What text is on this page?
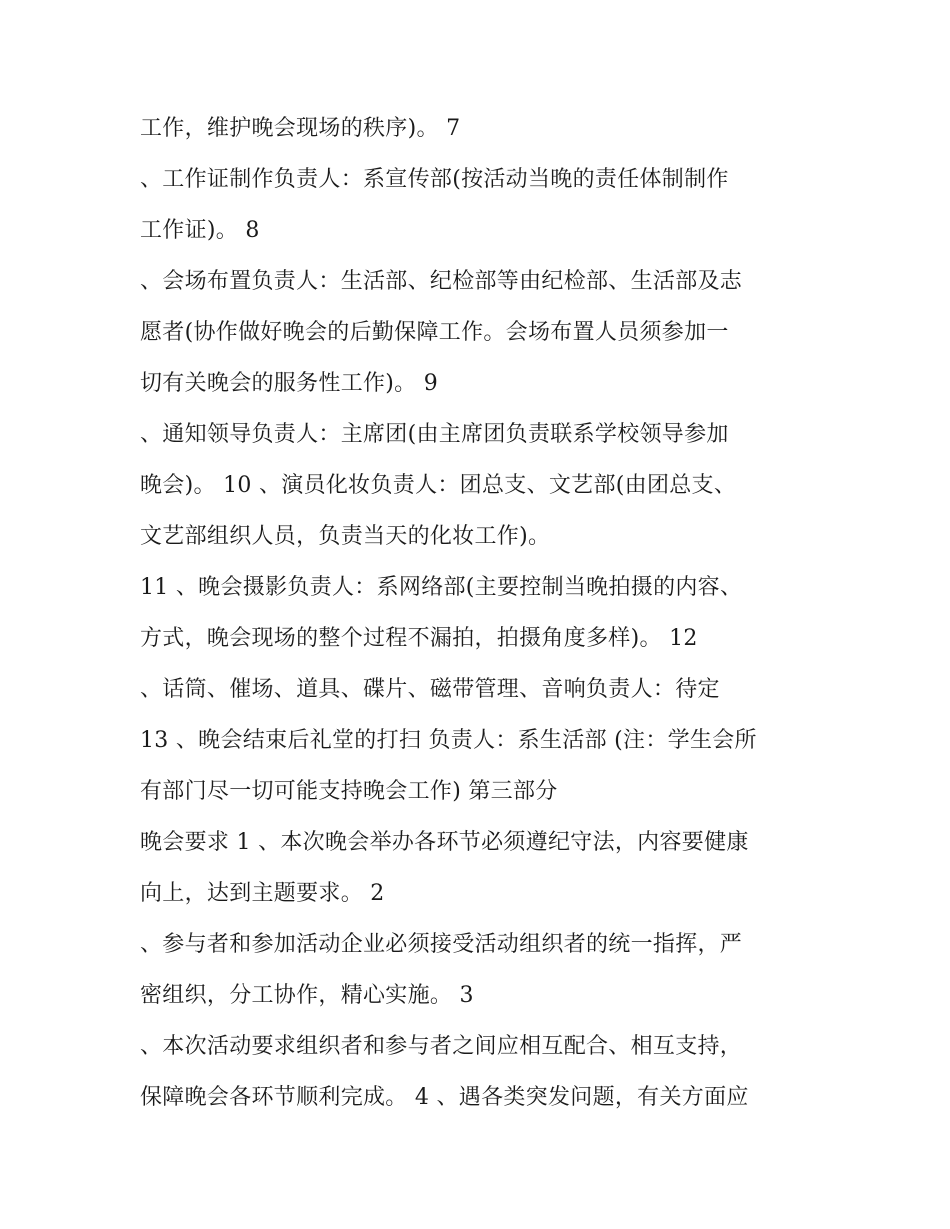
工作，维护晚会现场的秩序)。 7
、工作证制作负责人：系宣传部(按活动当晚的责任体制制作
工作证)。 8
、会场布置负责人：生活部、纪检部等由纪检部、生活部及志
愿者(协作做好晚会的后勤保障工作。会场布置人员须参加一
切有关晚会的服务性工作)。 9
、通知领导负责人：主席团(由主席团负责联系学校领导参加
晚会)。 10 、演员化妆负责人：团总支、文艺部(由团总支、
文艺部组织人员，负责当天的化妆工作)。
11 、晚会摄影负责人：系网络部(主要控制当晚拍摄的内容、
方式，晚会现场的整个过程不漏拍，拍摄角度多样)。 12
、话筒、催场、道具、碟片、磁带管理、音响负责人：待定
13 、晚会结束后礼堂的打扫 负责人：系生活部 (注：学生会所
有部门尽一切可能支持晚会工作) 第三部分
晚会要求 1 、本次晚会举办各环节必须遵纪守法，内容要健康
向上，达到主题要求。 2
、参与者和参加活动企业必须接受活动组织者的统一指挥，严
密组织，分工协作，精心实施。 3
、本次活动要求组织者和参与者之间应相互配合、相互支持，
保障晚会各环节顺利完成。 4 、遇各类突发问题，有关方面应
